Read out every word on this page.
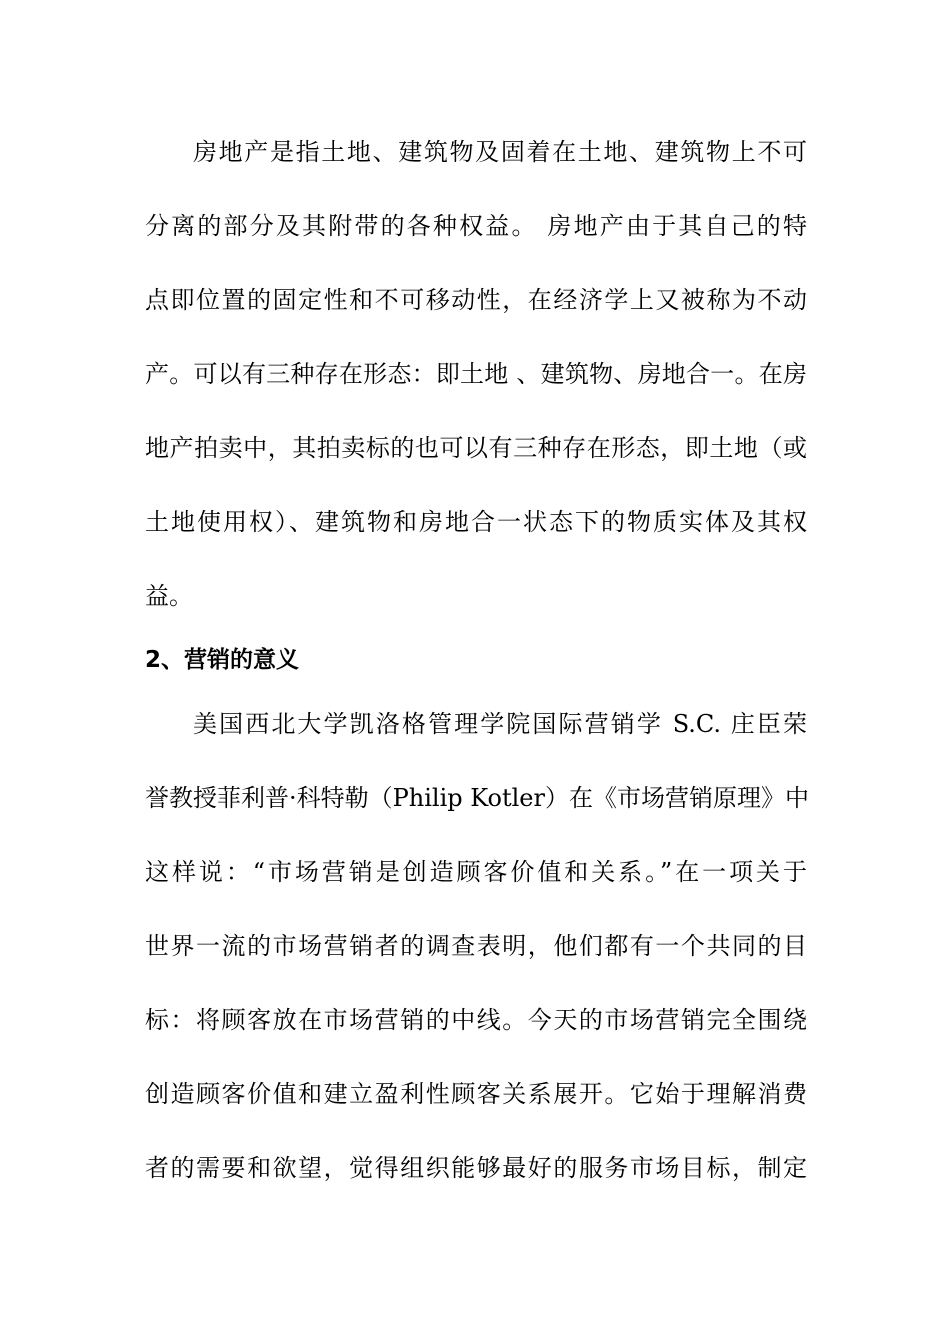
房地产是指土地、建筑物及固着在土地、建筑物上不可
分离的部分及其附带的各种权益。 房地产由于其自己的特
点即位置的固定性和不可移动性，在经济学上又被称为不动
产。可以有三种存在形态：即土地 、建筑物、房地合一。在房
地产拍卖中，其拍卖标的也可以有三种存在形态，即土地（或
土地使用权）、建筑物和房地合一状态下的物质实体及其权
益。
2、营销的意义
美国西北大学凯洛格管理学院国际营销学 S.C. 庄臣荣
誉教授菲利普·科特勒（Philip Kotler）在《市场营销原理》中
这样说：“市场营销是创造顾客价值和关系。”在一项关于
世界一流的市场营销者的调查表明，他们都有一个共同的目
标：将顾客放在市场营销的中线。今天的市场营销完全围绕
创造顾客价值和建立盈利性顾客关系展开。它始于理解消费
者的需要和欲望，觉得组织能够最好的服务市场目标，制定
